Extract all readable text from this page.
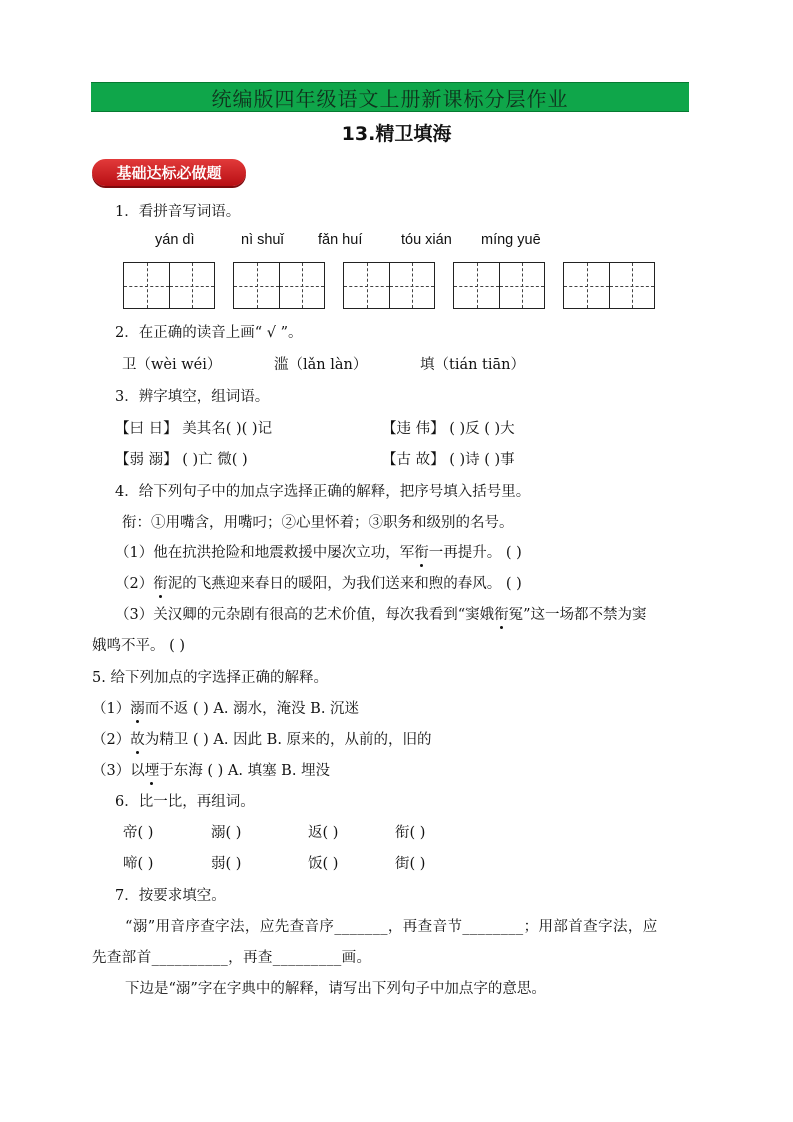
统编版四年级语文上册新课标分层作业
13.精卫填海
基础达标必做题
1．看拼音写词语。
yán dì	nì shuǐ fǎn huí	tóu xián míng yuē
2．在正确的读音上画“ √ ”。
卫（wèi wéi）	滥（lǎn làn）	填（tián tiān）
3．辨字填空，组词语。
【曰 日】 美其名( )( )记	【违 伟】 ( )反 ( )大
【弱 溺】 ( )亡 微( )	【古 故】 ( )诗 ( )事
4．给下列句子中的加点字选择正确的解释，把序号填入括号里。
衔：①用嘴含，用嘴叼；②心里怀着；③职务和级别的名号。
（1）他在抗洪抢险和地震救援中屡次立功，军衔一再提升。 ( )
（2）衔泥的飞燕迎来春日的暖阳，为我们送来和煦的春风。 ( )
（3）关汉卿的元杂剧有很高的艺术价值，每次我看到“窦娥衔冤”这一场都不禁为窦
娥鸣不平。 ( )
5. 给下列加点的字选择正确的解释。
（1）溺而不返 ( ) A. 溺水，淹没 B. 沉迷
（2）故为精卫 ( ) A. 因此 B. 原来的，从前的，旧的
（3）以堙于东海 ( ) A. 填塞 B. 埋没
6．比一比，再组词。
帝( )	溺( )	返( )	衔( )
啼( )	弱( )	饭( )	街( )
7．按要求填空。
“溺”用音序查字法，应先查音序_______，再查音节________；用部首查字法，应
先查部首__________，再查_________画。
下边是“溺”字在字典中的解释，请写出下列句子中加点字的意思。
